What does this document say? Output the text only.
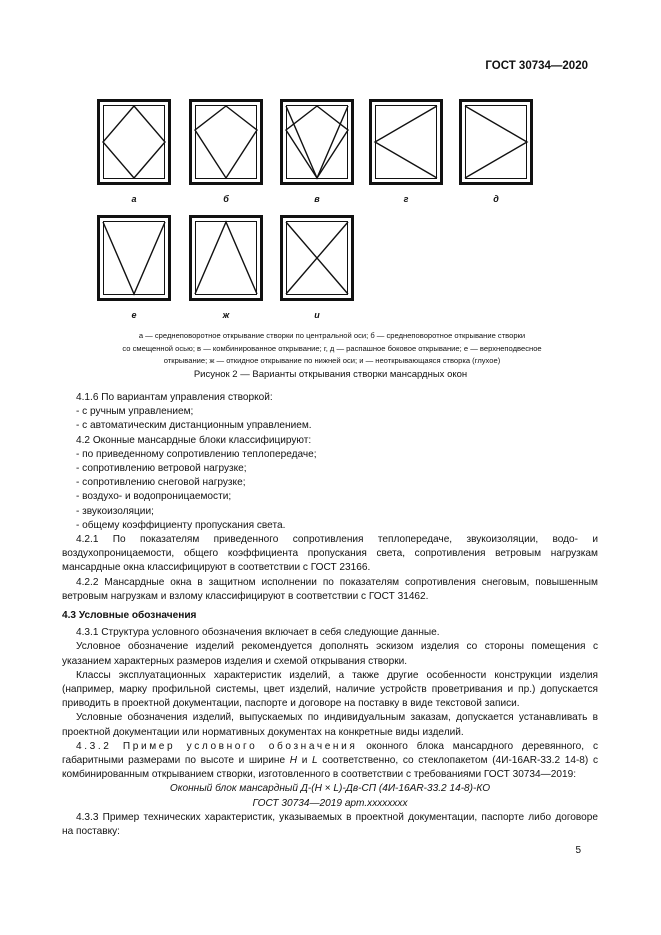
ГОСТ 30734—2020
а	б	в	г	д
е	ж	и
а — среднеповоротное открывание створки по центральной оси; б — среднеповоротное открывание створки
со смещенной осью; в — комбинированное открывание; г, д — распашное боковое открывание; е — верхнеподвесное
открывание; ж — откидное открывание по нижней оси; и — неоткрывающаяся створка (глухое)
Рисунок 2 — Варианты открывания створки мансардных окон

4.1.6 По вариантам управления створкой:

- с ручным управлением;

- с автоматическим дистанционным управлением.

4.2 Оконные мансардные блоки классифицируют:

- по приведенному сопротивлению теплопередаче;

- сопротивлению ветровой нагрузке;

- сопротивлению снеговой нагрузке;

- воздухо- и водопроницаемости;

- звукоизоляции;

- общему коэффициенту пропускания света.

4.2.1 По показателям приведенного сопротивления теплопередаче, звукоизоляции, водо- и воздухопроницаемости, общего коэффициента пропускания света, сопротивления ветровым нагрузкам мансардные окна классифицируют в соответствии с ГОСТ 23166.

4.2.2 Мансардные окна в защитном исполнении по показателям сопротивления снеговым, повышенным ветровым нагрузкам и взлому классифицируют в соответствии с ГОСТ 31462.

4.3 Условные обозначения

4.3.1 Структура условного обозначения включает в себя следующие данные.

Условное обозначение изделий рекомендуется дополнять эскизом изделия со стороны помещения с указанием характерных размеров изделия и схемой открывания створки.

Классы эксплуатационных характеристик изделий, а также другие особенности конструкции изделия (например, марку профильной системы, цвет изделий, наличие устройств проветривания и пр.) допускается приводить в проектной документации, паспорте и договоре на поставку в виде текстовой записи.

Условные обозначения изделий, выпускаемых по индивидуальным заказам, допускается устанавливать в проектной документации или нормативных документах на конкретные виды изделий.

4.3.2 Пример условного обозначения оконного блока мансардного деревянного, с габаритными размерами по высоте и ширине H и L соответственно, со стеклопакетом (4И-16AR-33.2 14-8) с комбинированным открыванием створки, изготовленного в соответствии с требованиями ГОСТ 30734—2019:

Оконный блок мансардный Д-(H × L)-Дв-СП (4И-16AR-33.2 14-8)-КО

ГОСТ 30734—2019 арт.xxxxxxxx

4.3.3 Пример технических характеристик, указываемых в проектной документации, паспорте либо договоре на поставку:

5
